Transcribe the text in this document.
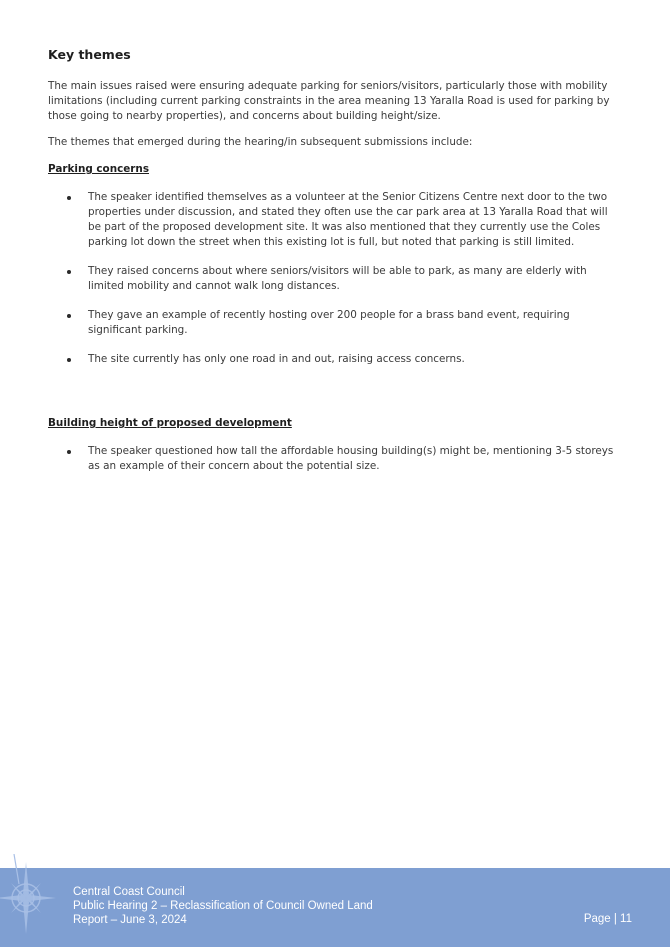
Key themes

The main issues raised were ensuring adequate parking for seniors/visitors, particularly those with mobility limitations (including current parking constraints in the area meaning 13 Yaralla Road is used for parking by those going to nearby properties), and concerns about building height/size.

The themes that emerged during the hearing/in subsequent submissions include:

Parking concerns
The speaker identified themselves as a volunteer at the Senior Citizens Centre next door to the two properties under discussion, and stated they often use the car park area at 13 Yaralla Road that will be part of the proposed development site. It was also mentioned that they currently use the Coles parking lot down the street when this existing lot is full, but noted that parking is still limited.
They raised concerns about where seniors/visitors will be able to park, as many are elderly with limited mobility and cannot walk long distances.
They gave an example of recently hosting over 200 people for a brass band event, requiring significant parking.
The site currently has only one road in and out, raising access concerns.
Building height of proposed development
The speaker questioned how tall the affordable housing building(s) might be, mentioning 3-5 storeys as an example of their concern about the potential size.
Central Coast Council
Public Hearing 2 – Reclassification of Council Owned Land
Report – June 3, 2024	Page | 11
